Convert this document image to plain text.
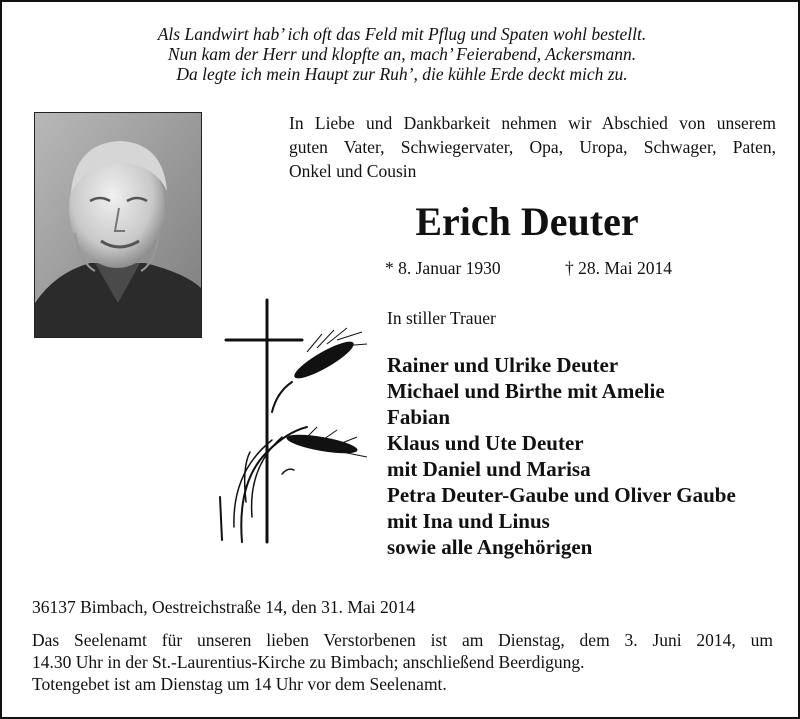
Als Landwirt hab’ ich oft das Feld mit Pflug und Spaten wohl bestellt.
Nun kam der Herr und klopfte an, mach’ Feierabend, Ackersmann.
Da legte ich mein Haupt zur Ruh’, die kühle Erde deckt mich zu.
In Liebe und Dankbarkeit nehmen wir Abschied von unserem
guten Vater, Schwiegervater, Opa, Uropa, Schwager, Paten,
Onkel und Cousin
Erich Deuter
* 8. Januar 1930	† 28. Mai 2014
In stiller Trauer
Rainer und Ulrike Deuter
Michael und Birthe mit Amelie
Fabian
Klaus und Ute Deuter
mit Daniel und Marisa
Petra Deuter-Gaube und Oliver Gaube
mit Ina und Linus
sowie alle Angehörigen
36137 Bimbach, Oestreichstraße 14, den 31. Mai 2014
Das Seelenamt für unseren lieben Verstorbenen ist am Dienstag, dem 3. Juni 2014, um
14.30 Uhr in der St.-Laurentius-Kirche zu Bimbach; anschließend Beerdigung.
Totengebet ist am Dienstag um 14 Uhr vor dem Seelenamt.
